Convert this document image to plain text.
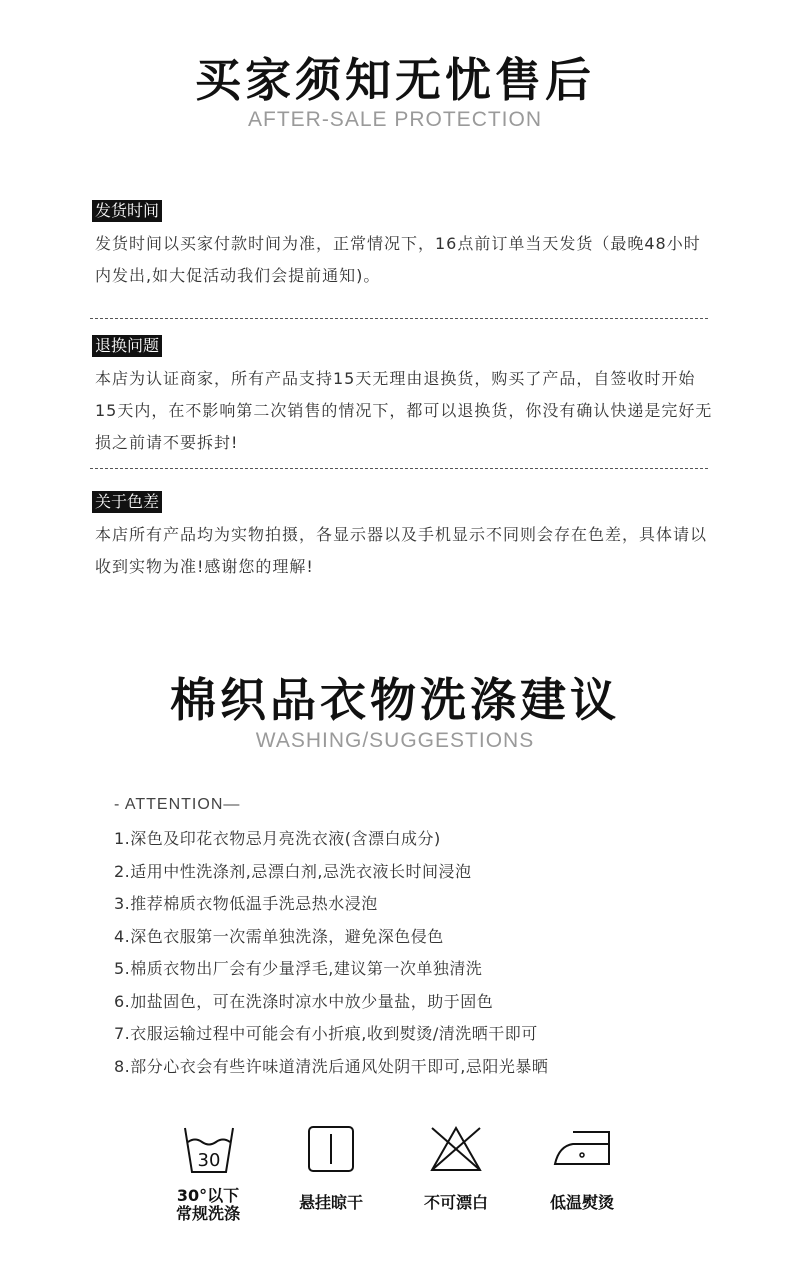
买家须知无忧售后
AFTER-SALE PROTECTION
发货时间
发货时间以买家付款时间为准，正常情况下，16点前订单当天发货（最晚48小时内发出,如大促活动我们会提前通知)。
退换问题
本店为认证商家，所有产品支持15天无理由退换货，购买了产品，自签收时开始15天内，在不影响第二次销售的情况下，都可以退换货，你没有确认快递是完好无损之前请不要拆封!
关于色差
本店所有产品均为实物拍摄，各显示器以及手机显示不同则会存在色差，具体请以收到实物为准!感谢您的理解!
棉织品衣物洗涤建议
WASHING/SUGGESTIONS
- ATTENTION—
1.深色及印花衣物忌月亮洗衣液(含漂白成分)
2.适用中性洗涤剂,忌漂白剂,忌洗衣液长时间浸泡
3.推荐棉质衣物低温手洗忌热水浸泡
4.深色衣服第一次需单独洗涤，避免深色侵色
5.棉质衣物出厂会有少量浮毛,建议第一次单独清洗
6.加盐固色，可在洗涤时凉水中放少量盐，助于固色
7.衣服运输过程中可能会有小折痕,收到熨烫/清洗晒干即可
8.部分心衣会有些许味道清洗后通风处阴干即可,忌阳光暴晒
30
30°以下
常规洗涤
悬挂晾干	不可漂白	低温熨烫
